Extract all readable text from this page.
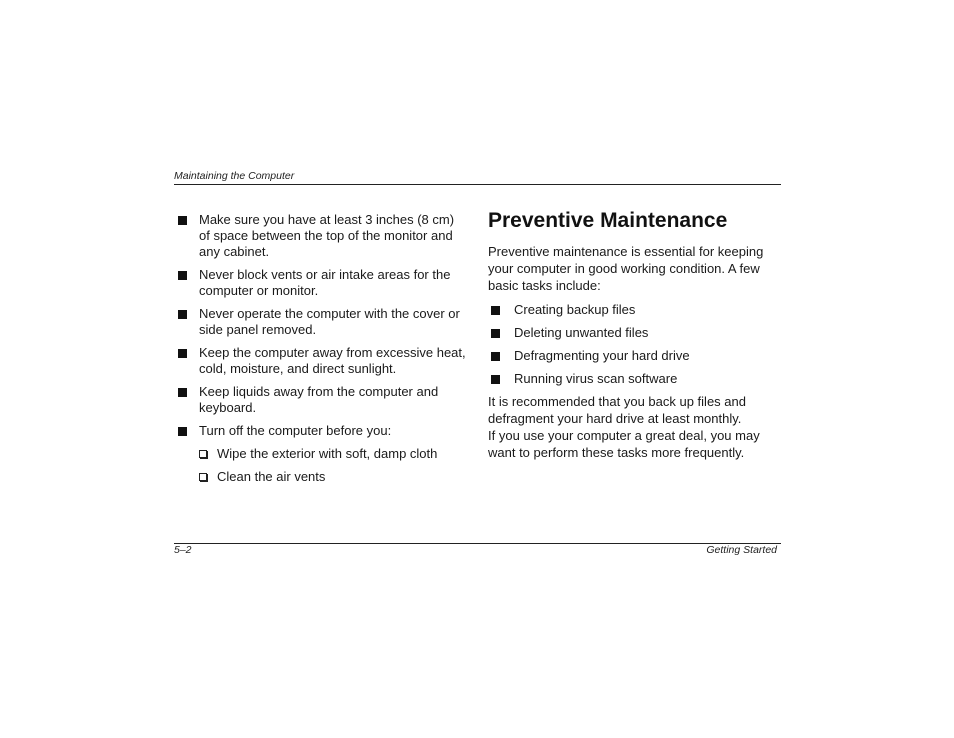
Maintaining the Computer
Make sure you have at least 3 inches (8 cm) of space between the top of the monitor and any cabinet.
Never block vents or air intake areas for the computer or monitor.
Never operate the computer with the cover or side panel removed.
Keep the computer away from excessive heat, cold, moisture, and direct sunlight.
Keep liquids away from the computer and keyboard.
Turn off the computer before you:
Wipe the exterior with soft, damp cloth
Clean the air vents
Preventive Maintenance

Preventive maintenance is essential for keeping your computer in good working condition. A few basic tasks include:

Creating backup files
Deleting unwanted files
Defragmenting your hard drive
Running virus scan software

It is recommended that you back up files and defragment your hard drive at least monthly.

If you use your computer a great deal, you may want to perform these tasks more frequently.

5–2	Getting Started
